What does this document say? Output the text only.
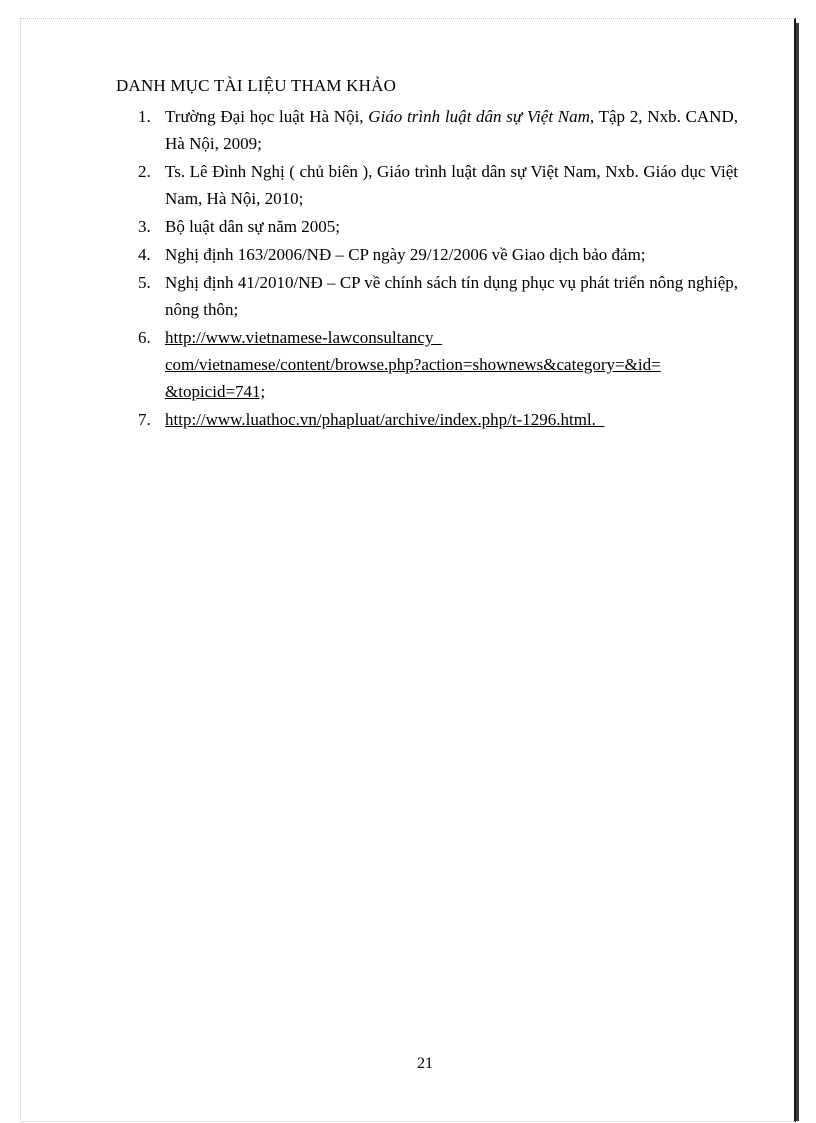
DANH MỤC TÀI LIỆU THAM KHẢO
1. Trường Đại học luật Hà Nội, Giáo trình luật dân sự Việt Nam, Tập 2, Nxb. CAND, Hà Nội, 2009;
2. Ts. Lê Đình Nghị ( chủ biên ), Giáo trình luật dân sự Việt Nam, Nxb. Giáo dục Việt Nam, Hà Nội, 2010;
3. Bộ luật dân sự năm 2005;
4. Nghị định 163/2006/NĐ – CP ngày 29/12/2006 về Giao dịch bảo đảm;
5. Nghị định 41/2010/NĐ – CP về chính sách tín dụng phục vụ phát triển nông nghiệp, nông thôn;
6. http://www.vietnamese-lawconsultancy_
com/vietnamese/content/browse.php?action=shownews&category=&id=
&topicid=741;
7. http://www.luathoc.vn/phapluat/archive/index.php/t-1296.html._
21
